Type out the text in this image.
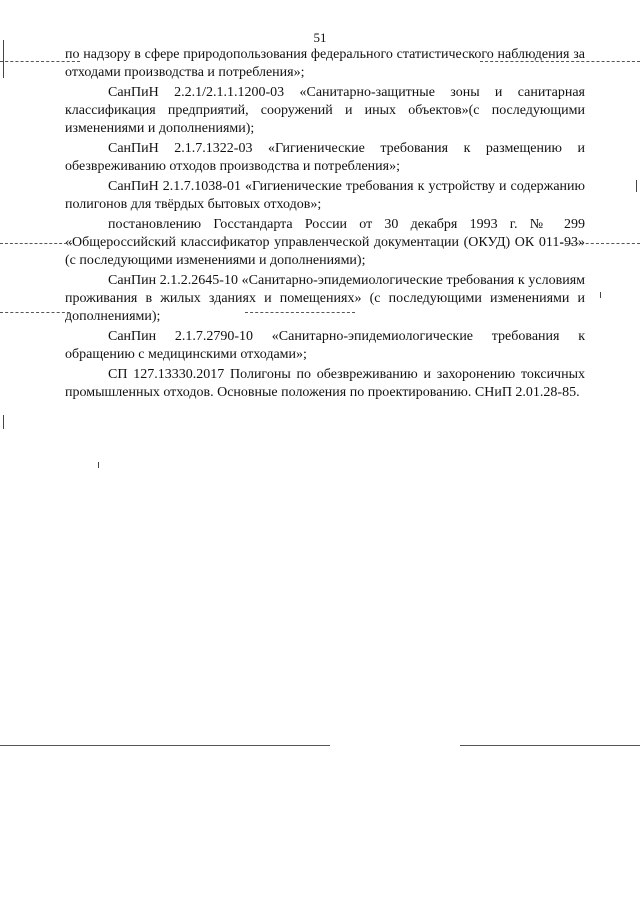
51

по надзору в сфере природопользования федерального статистического наблюдения за отходами производства и потребления»;

СанПиН 2.2.1/2.1.1.1200-03 «Санитарно-защитные зоны и санитарная классификация предприятий, сооружений и иных объектов»(с последующими изменениями и дополнениями);

СанПиН 2.1.7.1322-03 «Гигиенические требования к размещению и обезвреживанию отходов производства и потребления»;

СанПиН 2.1.7.1038-01 «Гигиенические требования к устройству и содержанию полигонов для твёрдых бытовых отходов»;

постановлению Госстандарта России от 30 декабря 1993 г. № 299 «Общероссийский классификатор управленческой документации (ОКУД) ОК 011-93» (с последующими изменениями и дополнениями);

СанПин 2.1.2.2645-10 «Санитарно-эпидемиологические требования к условиям проживания в жилых зданиях и помещениях» (с последующими изменениями и дополнениями);

СанПин 2.1.7.2790-10 «Санитарно-эпидемиологические требования к обращению с медицинскими отходами»;

СП 127.13330.2017 Полигоны по обезвреживанию и захоронению токсичных промышленных отходов. Основные положения по проектированию. СНиП 2.01.28-85.
